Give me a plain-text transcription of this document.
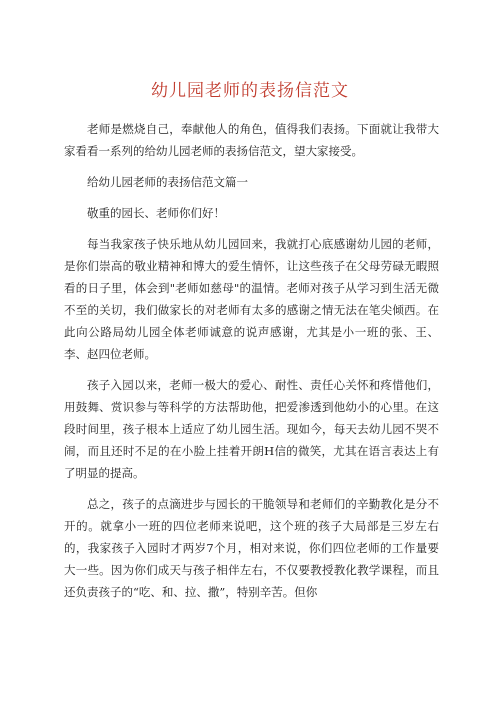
幼儿园老师的表扬信范文

老师是燃烧自己，奉献他人的角色，值得我们表扬。下面就让我带大家看看一系列的给幼儿园老师的表扬信范文，望大家接受。

给幼儿园老师的表扬信范文篇一

敬重的园长、老师你们好！

每当我家孩子快乐地从幼儿园回来，我就打心底感谢幼儿园的老师，是你们崇高的敬业精神和博大的爱生情怀，让这些孩子在父母劳碌无暇照看的日子里，体会到"老师如慈母"的温情。老师对孩子从学习到生活无微不至的关切，我们做家长的对老师有太多的感谢之情无法在笔尖倾西。在此向公路局幼儿园全体老师诚意的说声感谢，尤其是小一班的张、王、李、赵四位老师。

孩子入园以来，老师一极大的爱心、耐性、责任心关怀和疼惜他们，用鼓舞、赏识参与等科学的方法帮助他，把爱渗透到他幼小的心里。在这段时间里，孩子根本上适应了幼儿园生活。现如今，每天去幼儿园不哭不闹，而且还时不足的在小脸上挂着开朗H信的微笑，尤其在语言表达上有了明显的提高。

总之，孩子的点滴进步与园长的干脆领导和老师们的辛勤教化是分不开的。就拿小一班的四位老师来说吧，这个班的孩子大局部是三岁左右的，我家孩子入园时才两岁7个月，相对来说，你们四位老师的工作量要大一些。因为你们成天与孩子相伴左右，不仅要教授教化教学课程，而且还负责孩子的“吃、和、拉、撒”，特别辛苦。但你
